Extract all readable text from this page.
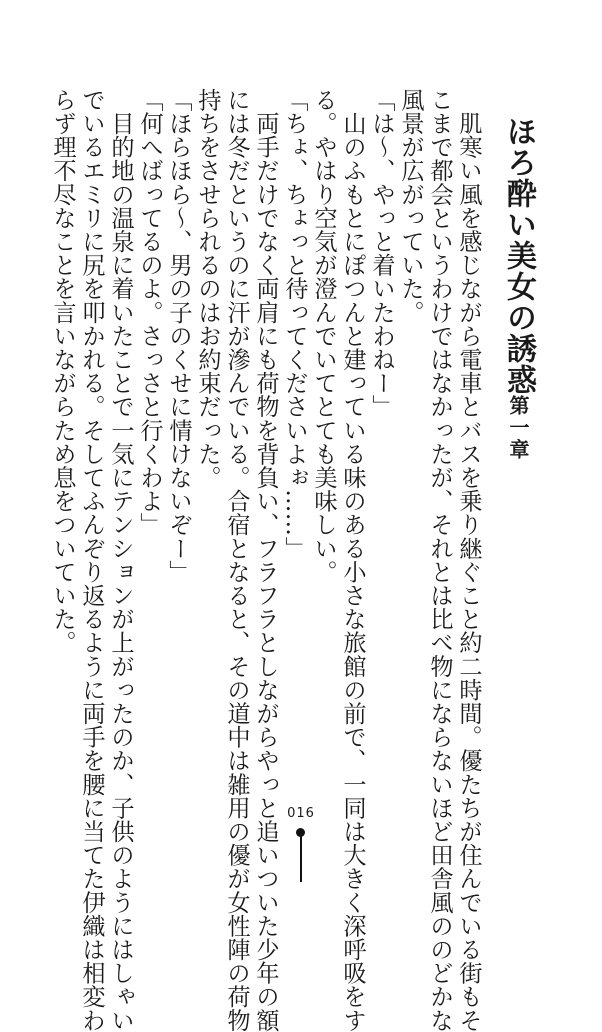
第一章ほろ酔い美女の誘惑
　肌寒い風を感じながら電車とバスを乗り継ぐこと約二時間。優たちが住んでいる街もそ
こまで都会というわけではなかったが、それとは比べ物にならないほど田舎風ののどかな
風景が広がっていた。
「は～、やっと着いたわねー」
　山のふもとにぽつんと建っている味のある小さな旅館の前で、一同は大きく深呼吸をす
る。やはり空気が澄んでいてとても美味しい。
「ちょ、ちょっと待ってくださいよぉ……」
　両手だけでなく両肩にも荷物を背負い、フラフラとしながらやっと追いついた少年の額
には冬だというのに汗が滲んでいる。合宿となると、その道中は雑用の優が女性陣の荷物
持ちをさせられるのはお約束だった。
「ほらほら～、男の子のくせに情けないぞー」
「何へばってるのよ。さっさと行くわよ」
　目的地の温泉に着いたことで一気にテンションが上がったのか、子供のようにはしゃい
でいるエミリに尻を叩かれる。そしてふんぞり返るように両手を腰に当てた伊織は相変わ
らず理不尽なことを言いながらため息をついていた。
016
